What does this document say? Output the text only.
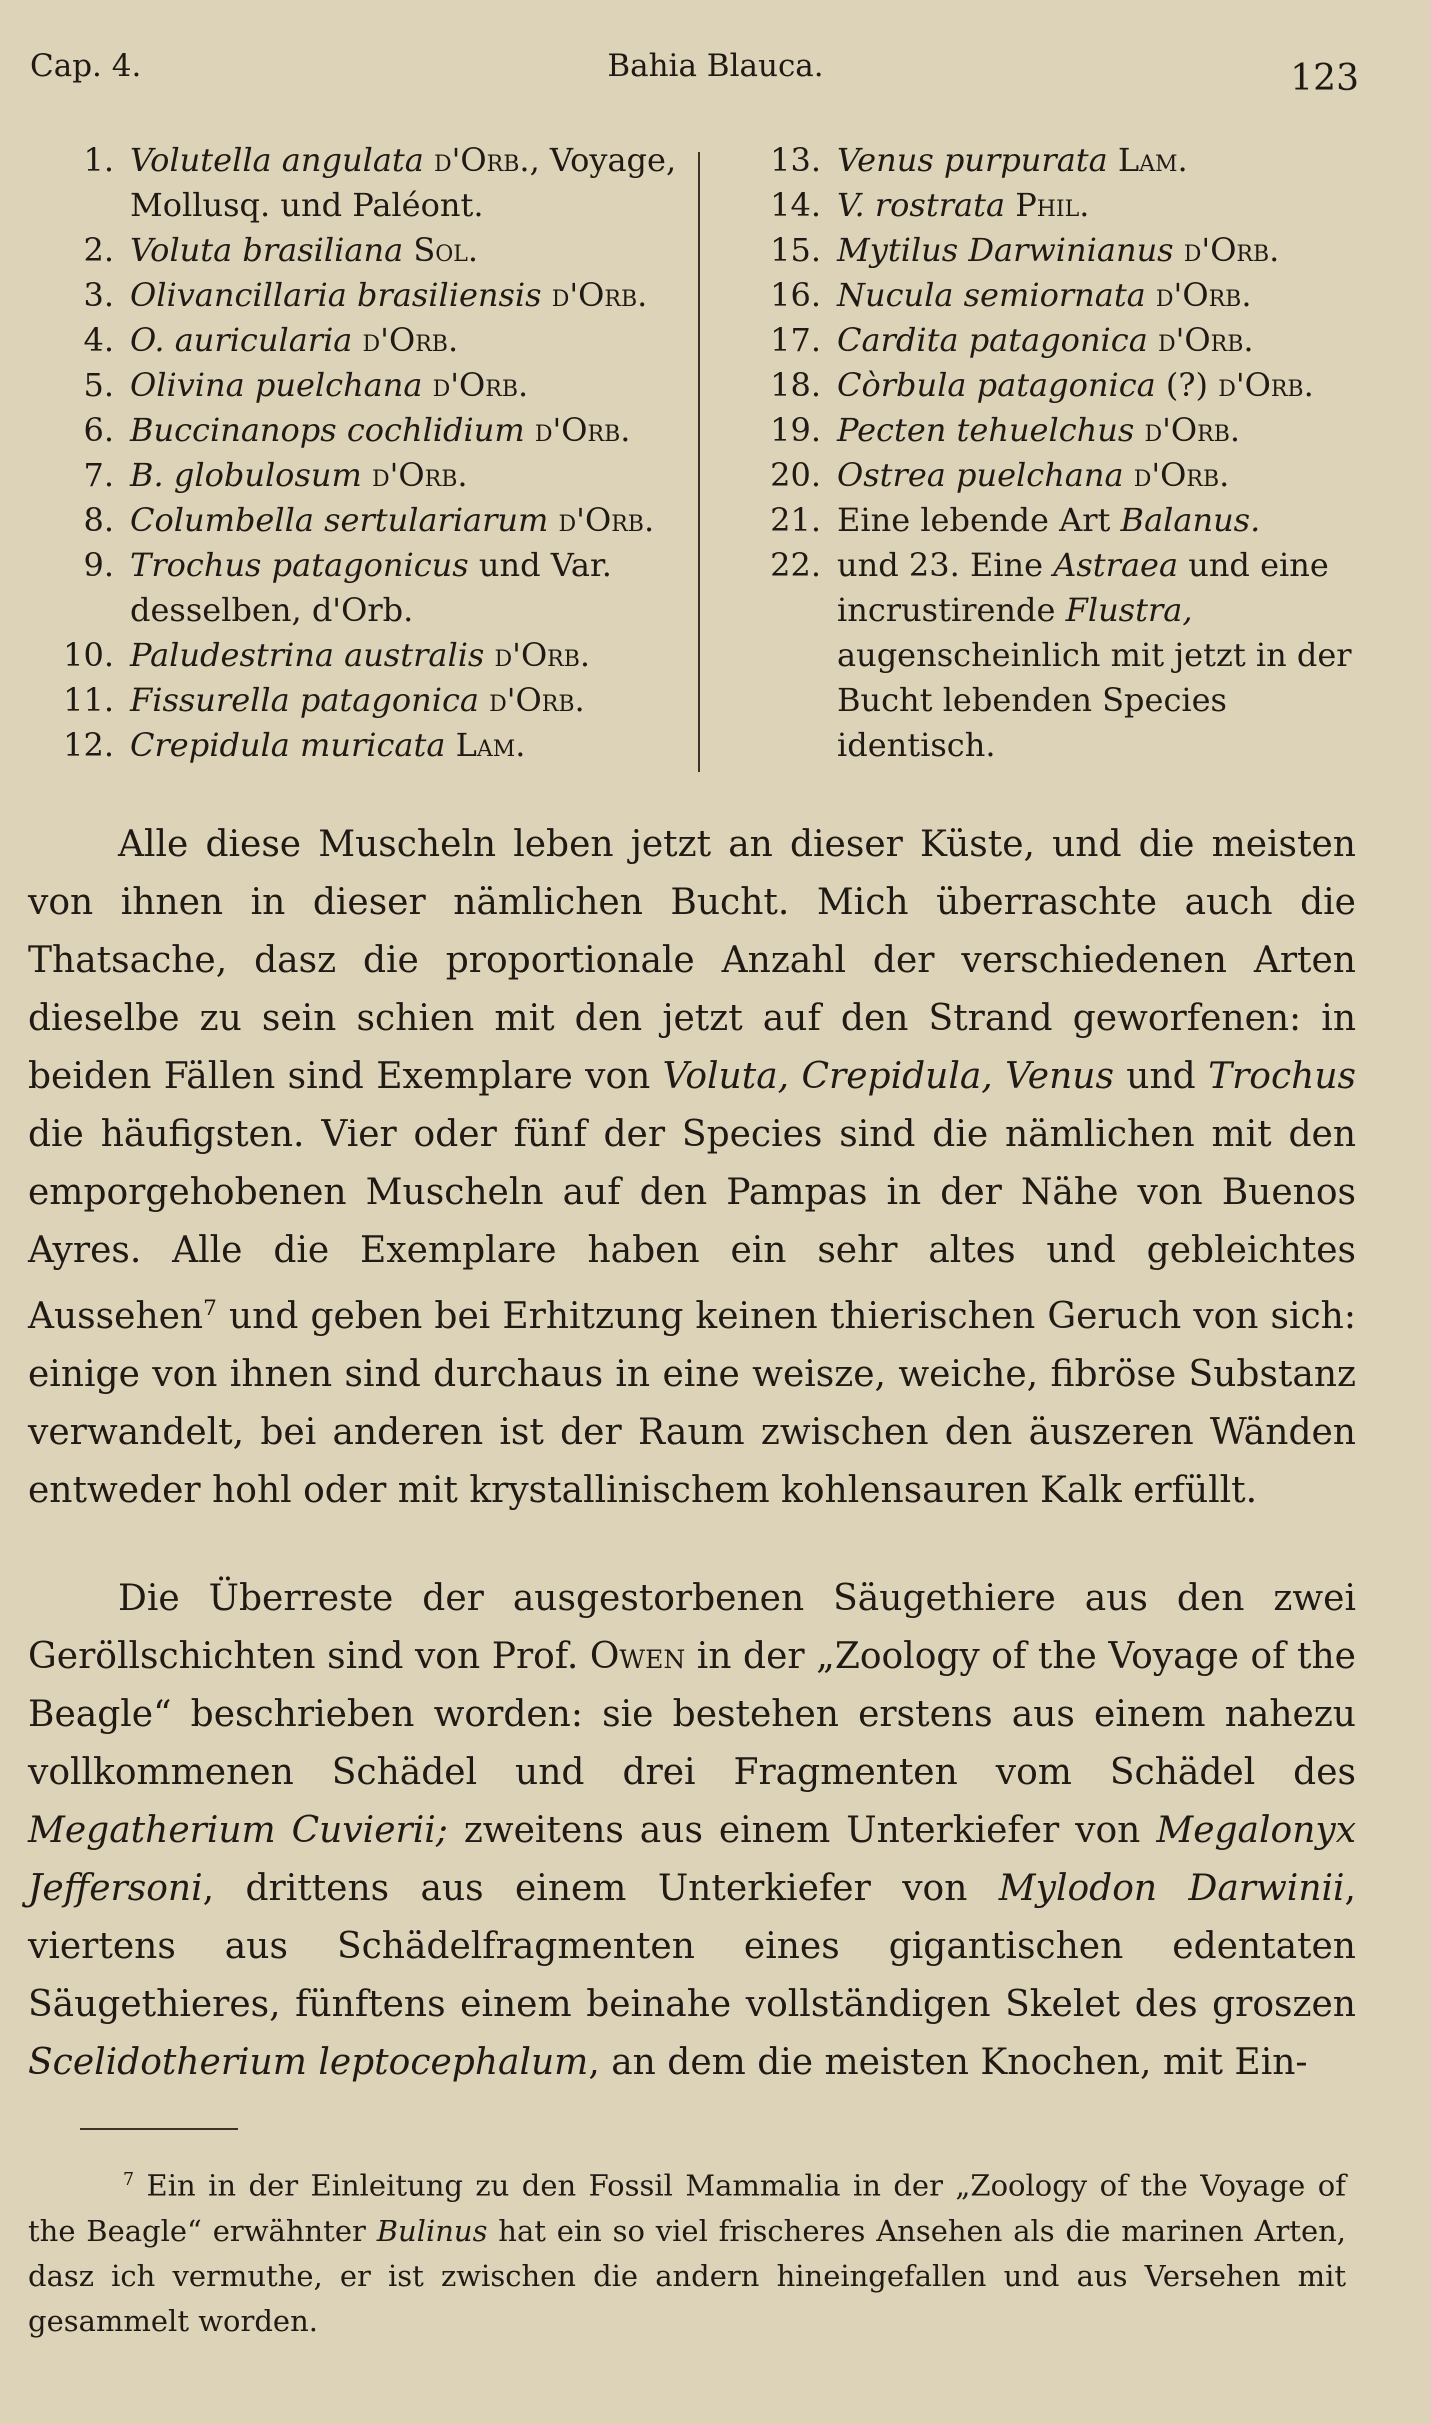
Cap. 4.	Bahia Blauca.	123
1. Volutella angulata d'Orb., Voyage, Mollusq. und Paléont.
2. Voluta brasiliana Sol.
3. Olivancillaria brasiliensis d'Orb.
4. O. auricularia d'Orb.
5. Olivina puelchana d'Orb.
6. Buccinanops cochlidium d'Orb.
7. B. globulosum d'Orb.
8. Columbella sertulariarum d'Orb.
9. Trochus patagonicus und Var. desselben, d'Orb.
10. Paludestrina australis d'Orb.
11. Fissurella patagonica d'Orb.
12. Crepidula muricata Lam.
13. Venus purpurata Lam.
14. V. rostrata Phil.
15. Mytilus Darwinianus d'Orb.
16. Nucula semiornata d'Orb.
17. Cardita patagonica d'Orb.
18. Còrbula patagonica (?) d'Orb.
19. Pecten tehuelchus d'Orb.
20. Ostrea puelchana d'Orb.
21. Eine lebende Art Balanus.
22. und 23. Eine Astraea und eine incrustirende Flustra, augenscheinlich mit jetzt in der Bucht lebenden Species identisch.

Alle diese Muscheln leben jetzt an dieser Küste, und die meisten von ihnen in dieser nämlichen Bucht. Mich überraschte auch die Thatsache, dasz die proportionale Anzahl der verschiedenen Arten dieselbe zu sein schien mit den jetzt auf den Strand geworfenen: in beiden Fällen sind Exemplare von Voluta, Crepidula, Venus und Trochus die häufigsten. Vier oder fünf der Species sind die nämlichen mit den emporgehobenen Muscheln auf den Pampas in der Nähe von Buenos Ayres. Alle die Exemplare haben ein sehr altes und gebleichtes Aussehen$^7$ und geben bei Erhitzung keinen thierischen Geruch von sich: einige von ihnen sind durchaus in eine weisze, weiche, fibröse Substanz verwandelt, bei anderen ist der Raum zwischen den äuszeren Wänden entweder hohl oder mit krystallinischem kohlensauren Kalk erfüllt.

Die Überreste der ausgestorbenen Säugethiere aus den zwei Geröllschichten sind von Prof. Owen in der „Zoology of the Voyage of the Beagle“ beschrieben worden: sie bestehen erstens aus einem nahezu vollkommenen Schädel und drei Fragmenten vom Schädel des Megatherium Cuvierii; zweitens aus einem Unterkiefer von Megalonyx Jeffersoni, drittens aus einem Unterkiefer von Mylodon Darwinii, viertens aus Schädelfragmenten eines gigantischen edentaten Säugethieres, fünftens einem beinahe vollständigen Skelet des groszen Scelidotherium leptocephalum, an dem die meisten Knochen, mit Ein-

$^7$ Ein in der Einleitung zu den Fossil Mammalia in der „Zoology of the Voyage of the Beagle“ erwähnter Bulinus hat ein so viel frischeres Ansehen als die marinen Arten, dasz ich vermuthe, er ist zwischen die andern hineingefallen und aus Versehen mit gesammelt worden.
